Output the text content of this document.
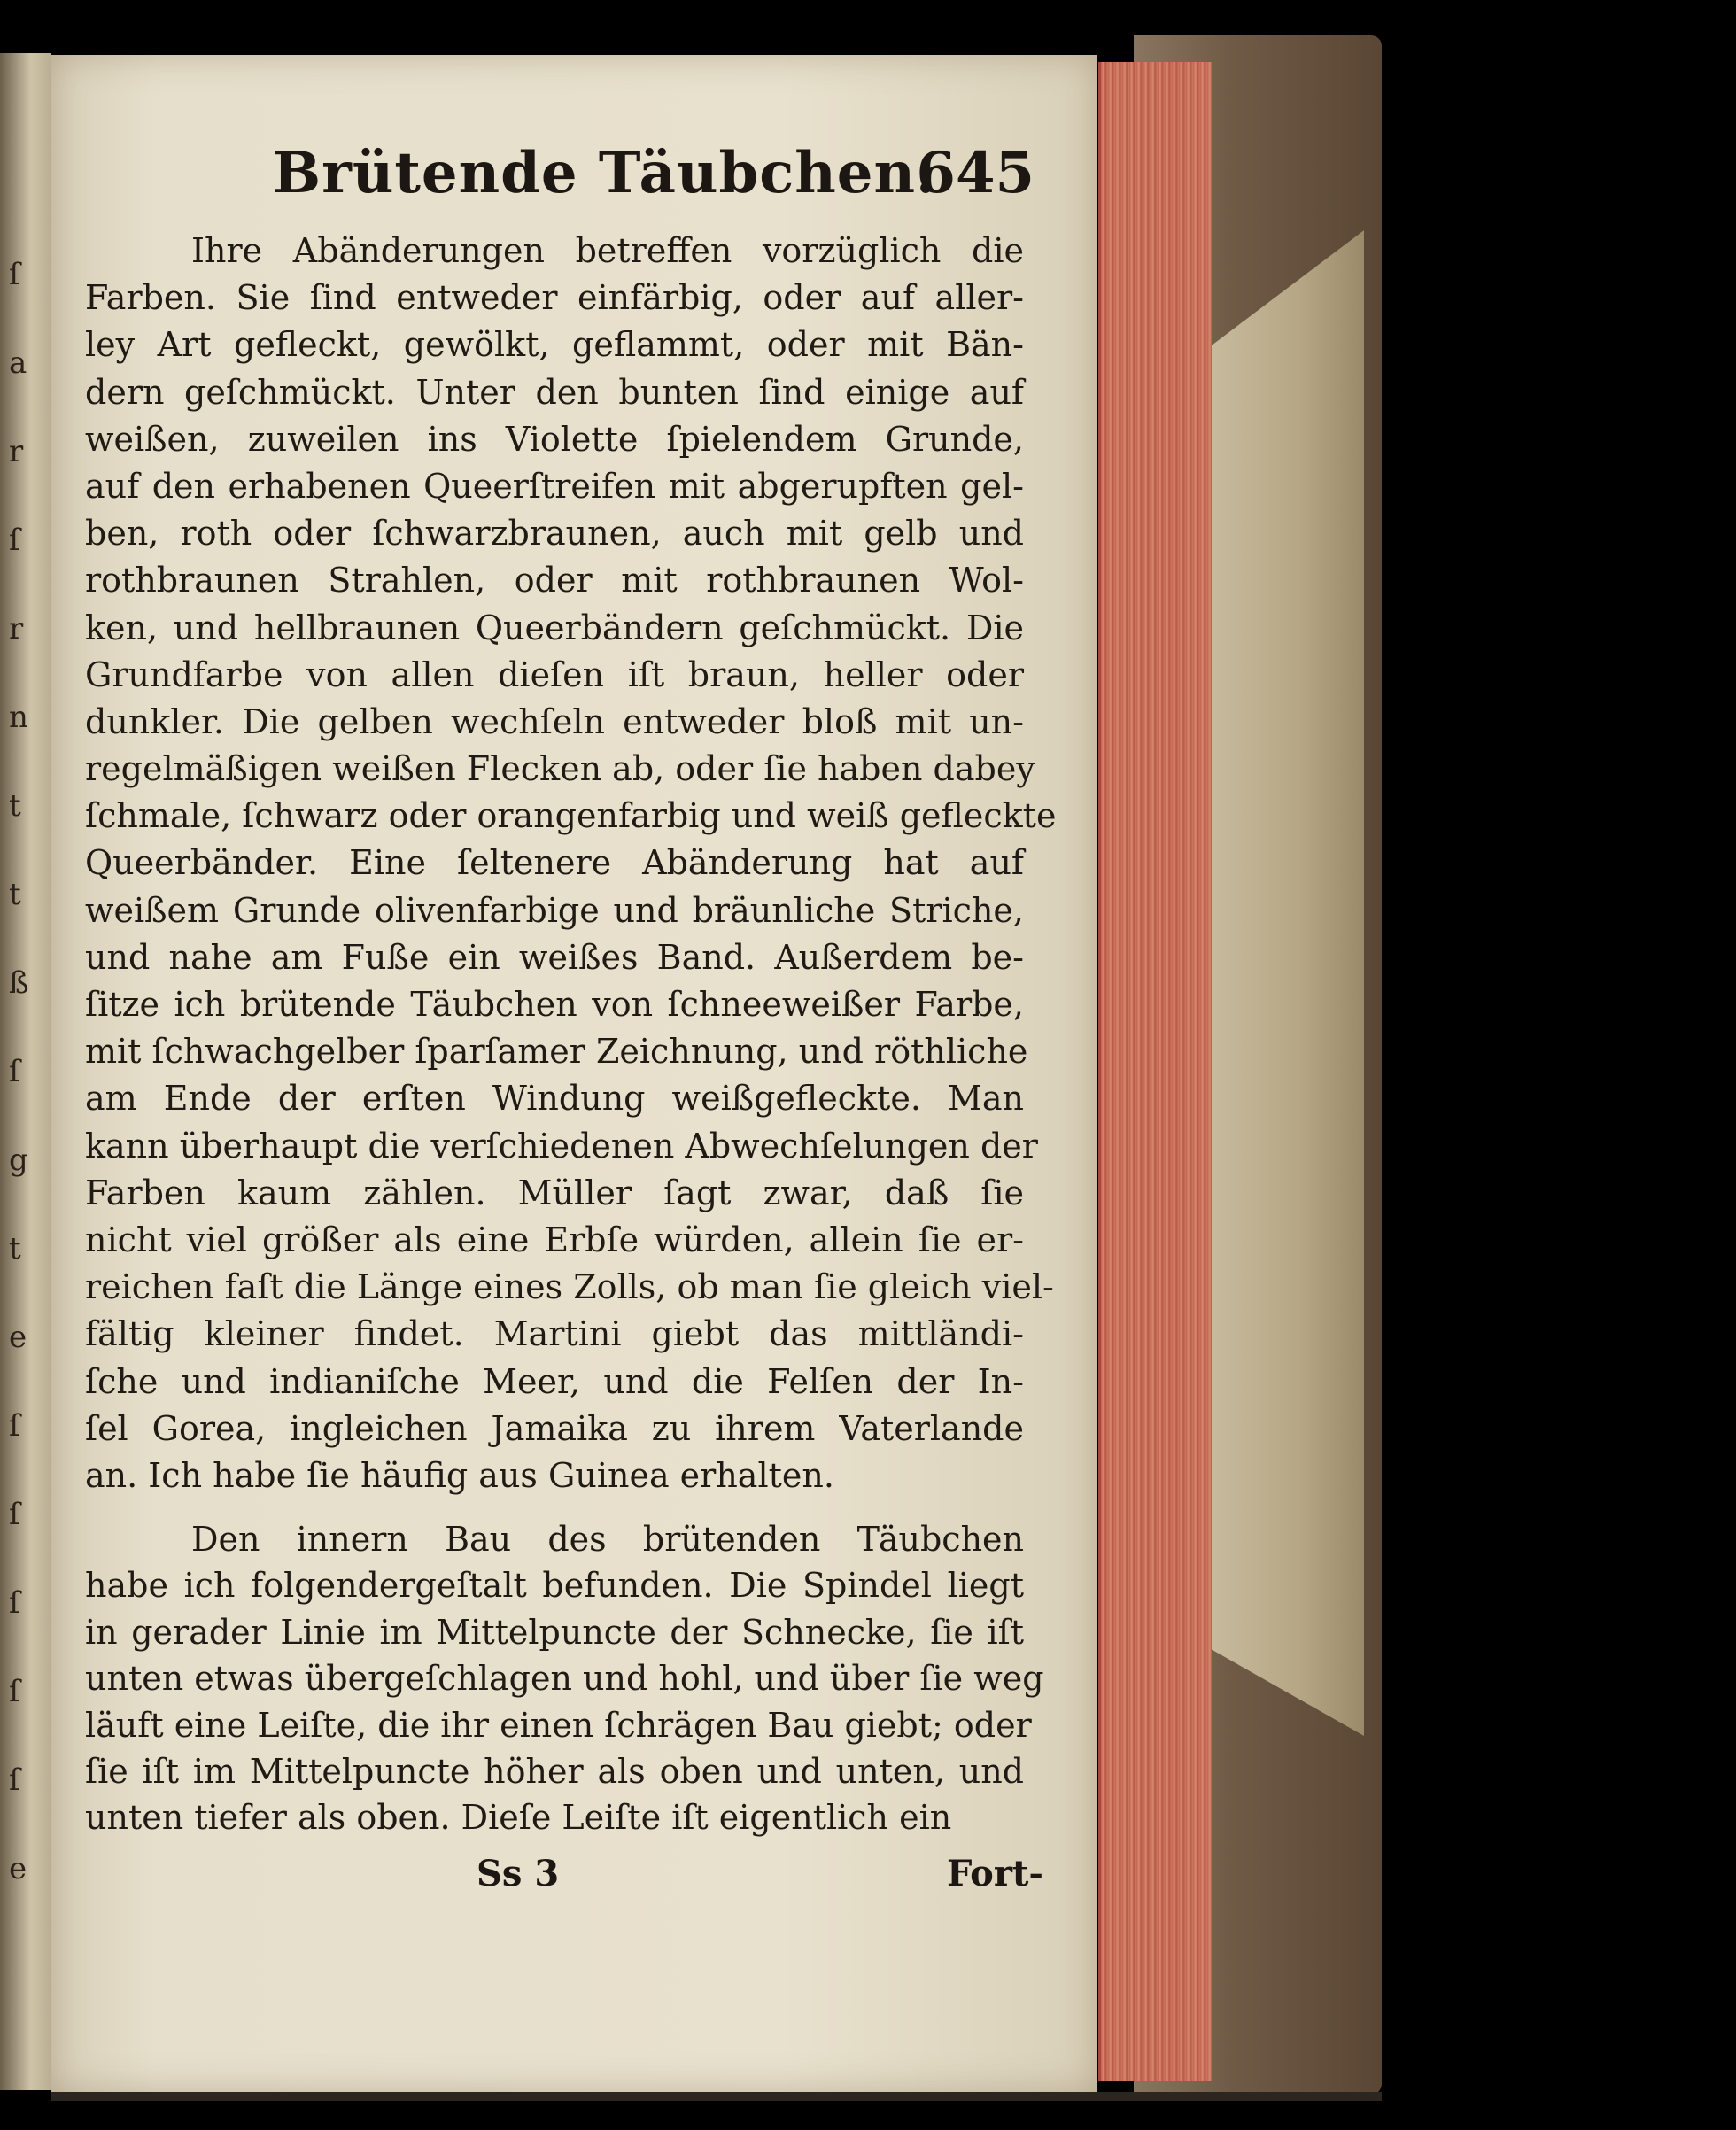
ſ
a
r
ſ
r
n
t
t
ß
ſ
g
t
e
ſ
ſ
ſ
ſ
ſ
e
Brütende Täubchen.
645
Ihre Abänderungen betreffen vorzüglich die
Farben. Sie ſind entweder einfärbig, oder auf aller-
ley Art gefleckt, gewölkt, geflammt, oder mit Bän-
dern geſchmückt. Unter den bunten ſind einige auf
weißen, zuweilen ins Violette ſpielendem Grunde,
auf den erhabenen Queerſtreifen mit abgerupften gel-
ben, roth oder ſchwarzbraunen, auch mit gelb und
rothbraunen Strahlen, oder mit rothbraunen Wol-
ken, und hellbraunen Queerbändern geſchmückt. Die
Grundfarbe von allen dieſen iſt braun, heller oder
dunkler. Die gelben wechſeln entweder bloß mit un-
regelmäßigen weißen Flecken ab, oder ſie haben dabey
ſchmale, ſchwarz oder orangenfarbig und weiß gefleckte
Queerbänder. Eine ſeltenere Abänderung hat auf
weißem Grunde olivenfarbige und bräunliche Striche,
und nahe am Fuße ein weißes Band. Außerdem be-
ſitze ich brütende Täubchen von ſchneeweißer Farbe,
mit ſchwachgelber ſparſamer Zeichnung, und röthliche
am Ende der erſten Windung weißgefleckte. Man
kann überhaupt die verſchiedenen Abwechſelungen der
Farben kaum zählen. Müller ſagt zwar, daß ſie
nicht viel größer als eine Erbſe würden, allein ſie er-
reichen faſt die Länge eines Zolls, ob man ſie gleich viel-
fältig kleiner findet. Martini giebt das mittländi-
ſche und indianiſche Meer, und die Felſen der In-
ſel Gorea, ingleichen Jamaika zu ihrem Vaterlande
an. Ich habe ſie häufig aus Guinea erhalten.
Den innern Bau des brütenden Täubchen
habe ich folgendergeſtalt befunden. Die Spindel liegt
in gerader Linie im Mittelpuncte der Schnecke, ſie iſt
unten etwas übergeſchlagen und hohl, und über ſie weg
läuft eine Leiſte, die ihr einen ſchrägen Bau giebt; oder
ſie iſt im Mittelpuncte höher als oben und unten, und
unten tiefer als oben. Dieſe Leiſte iſt eigentlich ein
Ss 3	Fort-
